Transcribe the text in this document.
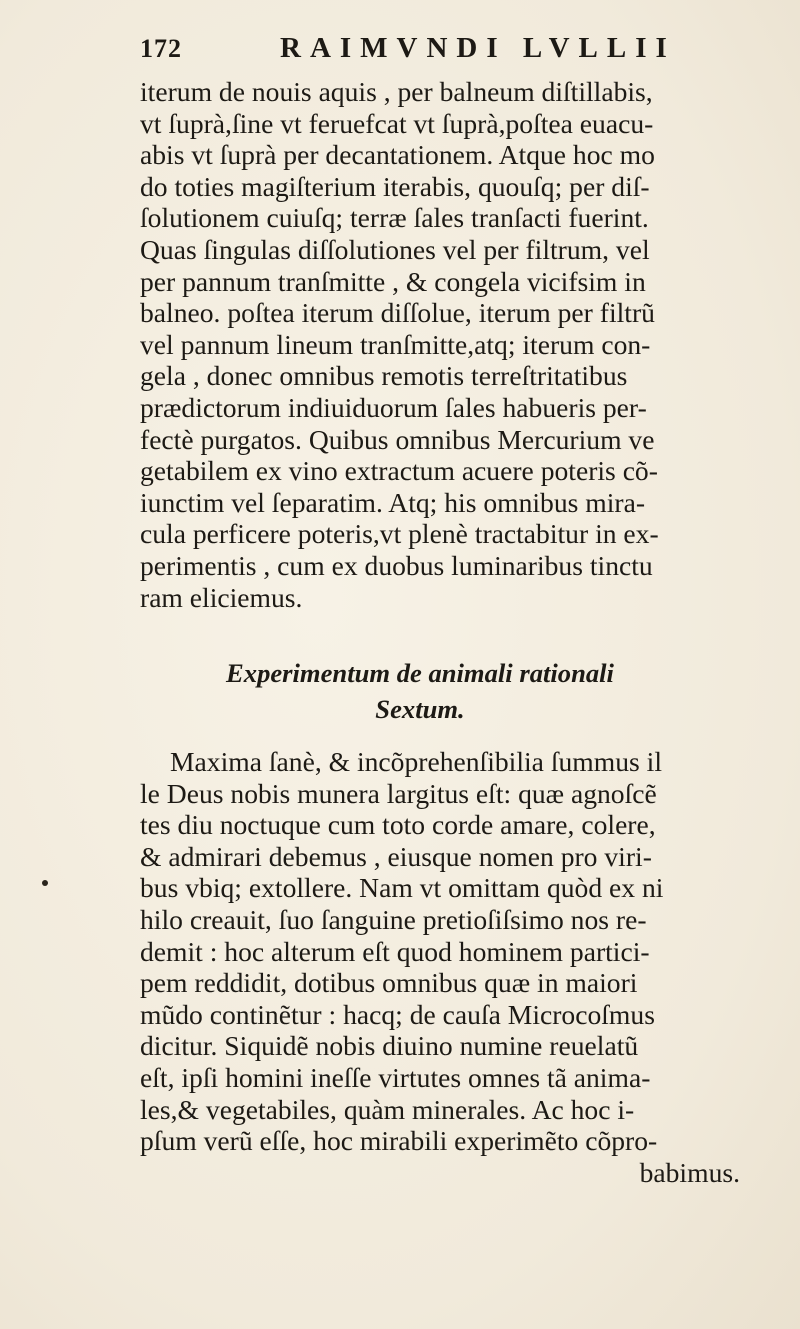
172	RAIMVNDI LVLLII
iterum de nouis aquis , per balneum diſtillabis,
vt ſuprà,ſine vt feruefcat vt ſuprà,poſtea euacu-
abis vt ſuprà per decantationem. Atque hoc mo
do toties magiſterium iterabis, quouſq; per diſ-
ſolutionem cuiuſq; terræ ſales tranſacti fuerint.
Quas ſingulas diſſolutiones vel per filtrum, vel
per pannum tranſmitte , & congela vicifsim in
balneo. poſtea iterum diſſolue, iterum per filtrũ
vel pannum lineum tranſmitte,atq; iterum con-
gela , donec omnibus remotis terreſtritatibus
prædictorum indiuiduorum ſales habueris per-
fectè purgatos. Quibus omnibus Mercurium ve
getabilem ex vino extractum acuere poteris cõ-
iunctim vel ſeparatim. Atq; his omnibus mira-
cula perficere poteris,vt plenè tractabitur in ex-
perimentis , cum ex duobus luminaribus tinctu
ram eliciemus.
Experimentum de animali rationali
Sextum.
Maxima ſanè, & incõprehenſibilia ſummus il
le Deus nobis munera largitus eſt: quæ agnoſcẽ
tes diu noctuque cum toto corde amare, colere,
& admirari debemus , eiusque nomen pro viri-
bus vbiq; extollere. Nam vt omittam quòd ex ni
hilo creauit, ſuo ſanguine pretioſiſsimo nos re-
demit : hoc alterum eſt quod hominem partici-
pem reddidit, dotibus omnibus quæ in maiori
mũdo continẽtur : hacq; de cauſa Microcoſmus
dicitur. Siquidẽ nobis diuino numine reuelatũ
eſt, ipſi homini ineſſe virtutes omnes tã anima-
les,& vegetabiles, quàm minerales. Ac hoc i-
pſum verũ eſſe, hoc mirabili experimẽto cõpro-
babimus.
